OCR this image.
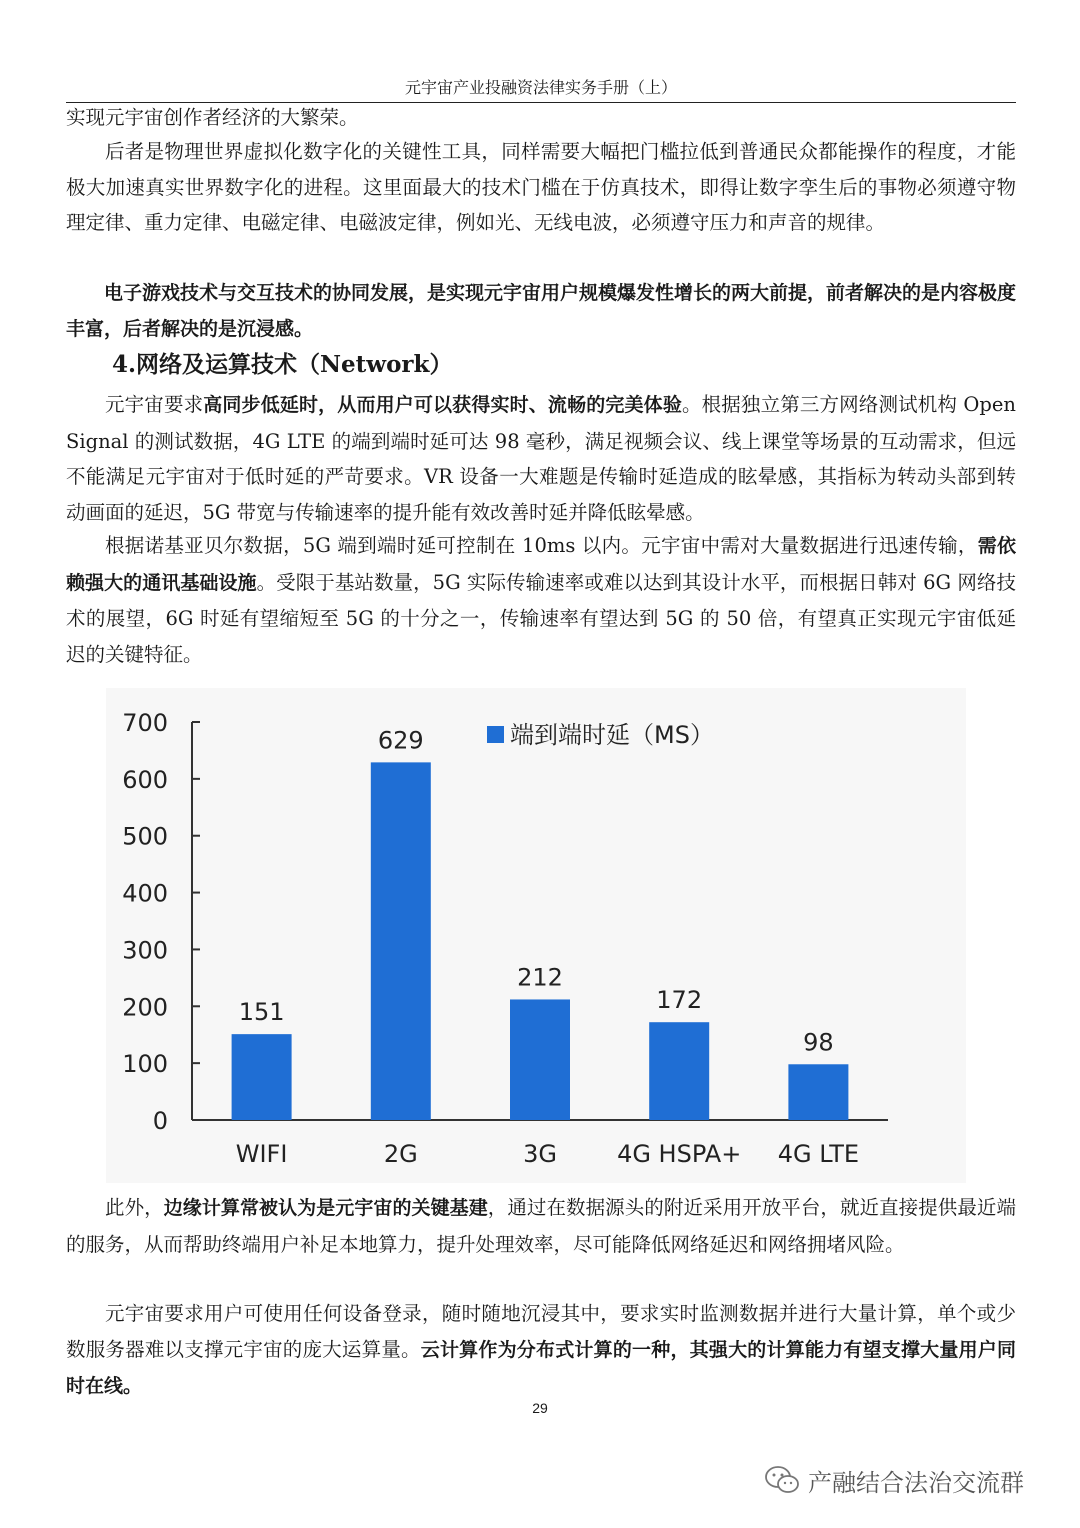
元宇宙产业投融资法律实务手册（上）

实现元宇宙创作者经济的大繁荣。

后者是物理世界虚拟化数字化的关键性工具，同样需要大幅把门槛拉低到普通民众都能操作的程度，才能极大加速真实世界数字化的进程。这里面最大的技术门槛在于仿真技术，即得让数字孪生后的事物必须遵守物理定律、重力定律、电磁定律、电磁波定律，例如光、无线电波，必须遵守压力和声音的规律。

电子游戏技术与交互技术的协同发展，是实现元宇宙用户规模爆发性增长的两大前提，前者解决的是内容极度丰富，后者解决的是沉浸感。

4.网络及运算技术（Network）

元宇宙要求高同步低延时，从而用户可以获得实时、流畅的完美体验。根据独立第三方网络测试机构 Open Signal 的测试数据，4G LTE 的端到端时延可达 98 毫秒，满足视频会议、线上课堂等场景的互动需求，但远不能满足元宇宙对于低时延的严苛要求。VR 设备一大难题是传输时延造成的眩晕感，其指标为转动头部到转动画面的延迟，5G 带宽与传输速率的提升能有效改善时延并降低眩晕感。

根据诺基亚贝尔数据，5G 端到端时延可控制在 10ms 以内。元宇宙中需对大量数据进行迅速传输，需依赖强大的通讯基础设施。受限于基站数量，5G 实际传输速率或难以达到其设计水平，而根据日韩对 6G 网络技术的展望，6G 时延有望缩短至 5G 的十分之一，传输速率有望达到 5G 的 50 倍，有望真正实现元宇宙低延迟的关键特征。

0
100
200
300
400
500
600
700
151
WIFI
629
2G
212
3G
172
4G HSPA+
98
4G LTE
端到端时延（MS）

此外，边缘计算常被认为是元宇宙的关键基建，通过在数据源头的附近采用开放平台，就近直接提供最近端的服务，从而帮助终端用户补足本地算力，提升处理效率，尽可能降低网络延迟和网络拥堵风险。

元宇宙要求用户可使用任何设备登录，随时随地沉浸其中，要求实时监测数据并进行大量计算，单个或少数服务器难以支撑元宇宙的庞大运算量。云计算作为分布式计算的一种，其强大的计算能力有望支撑大量用户同时在线。

29
产融结合法治交流群
